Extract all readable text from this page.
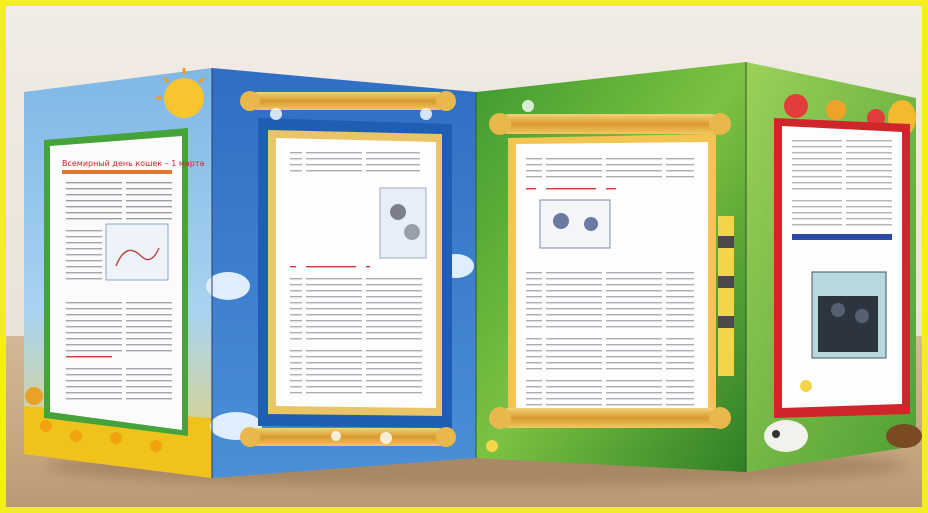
Всемирный день кошек – 1 марта
